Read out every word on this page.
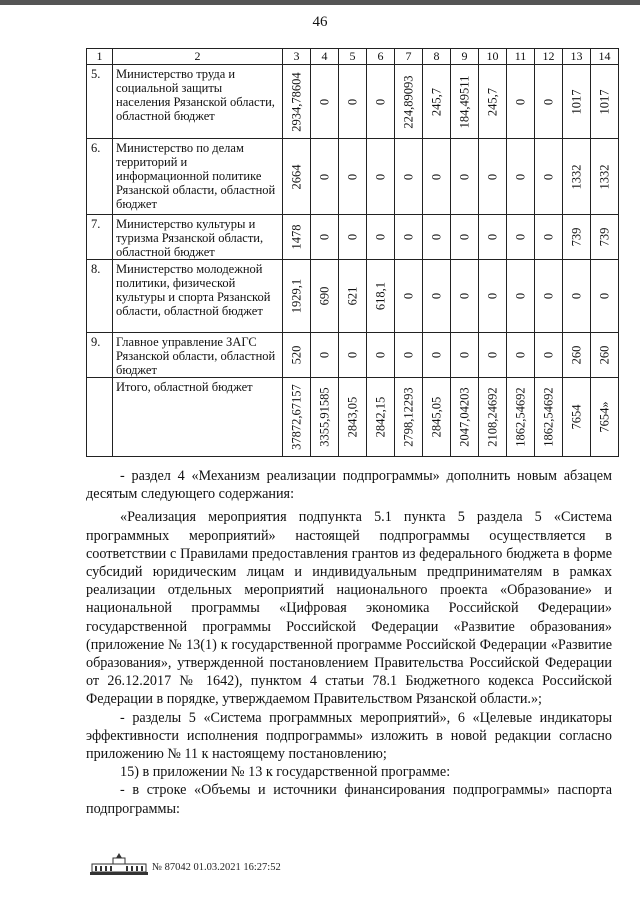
46
1	2	3	4	5	6	7	8	9	10	11	12	13	14
5.	Министерство труда и социальной защиты населения Рязанской области, областной бюджет	2934,78604	0	0	0	224,89093	245,7	184,49511	245,7	0	0	1017	1017

6.	Министерство по делам территорий и информационной политике Рязанской области, областной бюджет	2664	0	0	0	0	0	0	0	0	0	1332	1332

7.	Министерство культуры и туризма Рязанской области, областной бюджет	1478	0	0	0	0	0	0	0	0	0	739	739

8.	Министерство молодежной политики, физической культуры и спорта Рязанской области, областной бюджет	1929,1	690	621	618,1	0	0	0	0	0	0	0	0

9.	Главное управление ЗАГС Рязанской области, областной бюджет	520	0	0	0	0	0	0	0	0	0	260	260

	Итого, областной бюджет	37872,67157	3355,91585	2843,05	2842,15	2798,12293	2845,05	2047,04203	2108,24692	1862,54692	1862,54692	7654	7654»

- раздел 4 «Механизм реализации подпрограммы» дополнить новым абзацем десятым следующего содержания:

«Реализация мероприятия подпункта 5.1 пункта 5 раздела 5 «Система программных мероприятий» настоящей подпрограммы осуществляется в соответствии с Правилами предоставления грантов из федерального бюджета в форме субсидий юридическим лицам и индивидуальным предпринимателям в рамках реализации отдельных мероприятий национального проекта «Образование» и национальной программы «Цифровая экономика Российской Федерации» государственной программы Российской Федерации «Развитие образования» (приложение № 13(1) к государственной программе Российской Федерации «Развитие образования», утвержденной постановлением Правительства Российской Федерации от 26.12.2017 № 1642), пунктом 4 статьи 78.1 Бюджетного кодекса Российской Федерации в порядке, утверждаемом Правительством Рязанской области.»;

- разделы 5 «Система программных мероприятий», 6 «Целевые индикаторы эффективности исполнения подпрограммы» изложить в новой редакции согласно приложению № 11 к настоящему постановлению;

15) в приложении № 13 к государственной программе:

- в строке «Объемы и источники финансирования подпрограммы» паспорта подпрограммы:

№ 87042 01.03.2021 16:27:52
